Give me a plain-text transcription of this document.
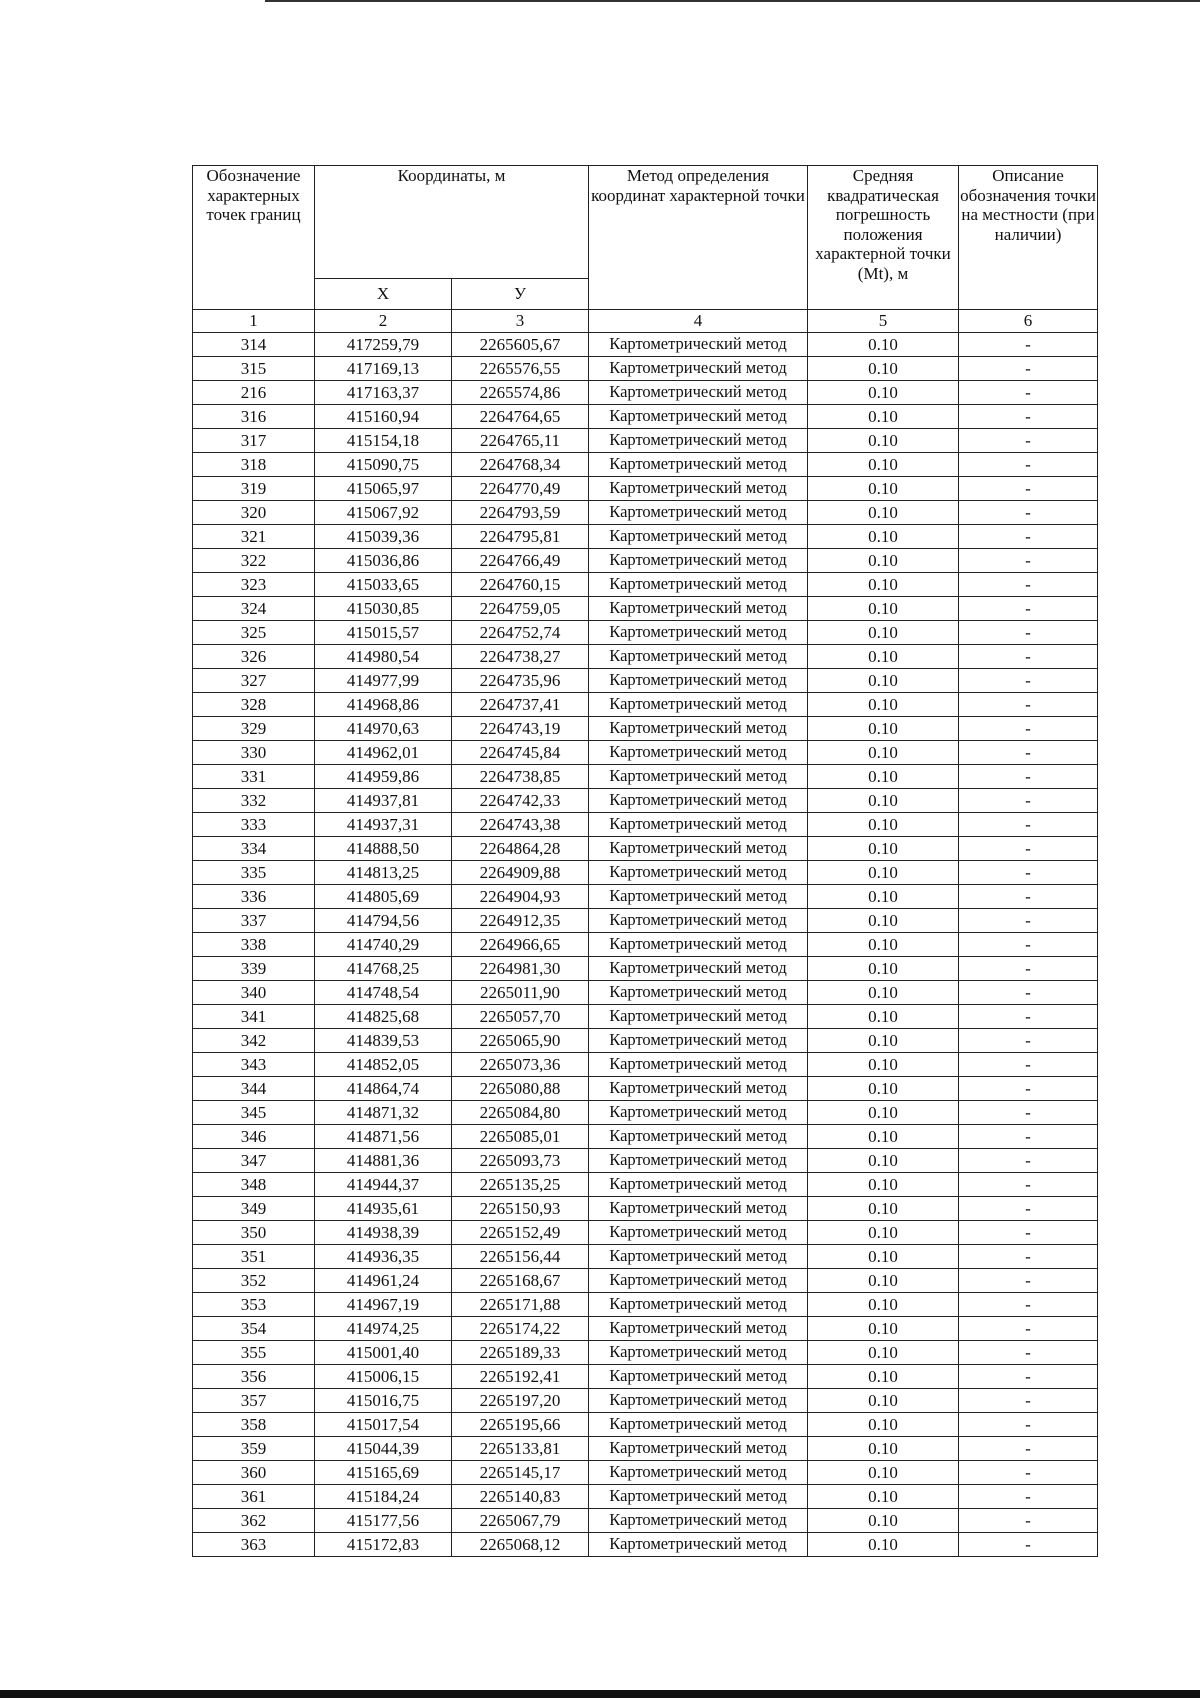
Обозначение характерных точек границ	Координаты, м		Метод определения координат характерной точки	Средняя квадратическая погрешность положения характерной точки (Мt), м	Описание обозначения точки на местности (при наличии)
	X	У			
1	2	3	4	5	6
314	417259,79	2265605,67	Картометрический метод	0.10	-
315	417169,13	2265576,55	Картометрический метод	0.10	-
216	417163,37	2265574,86	Картометрический метод	0.10	-
316	415160,94	2264764,65	Картометрический метод	0.10	-
317	415154,18	2264765,11	Картометрический метод	0.10	-
318	415090,75	2264768,34	Картометрический метод	0.10	-
319	415065,97	2264770,49	Картометрический метод	0.10	-
320	415067,92	2264793,59	Картометрический метод	0.10	-
321	415039,36	2264795,81	Картометрический метод	0.10	-
322	415036,86	2264766,49	Картометрический метод	0.10	-
323	415033,65	2264760,15	Картометрический метод	0.10	-
324	415030,85	2264759,05	Картометрический метод	0.10	-
325	415015,57	2264752,74	Картометрический метод	0.10	-
326	414980,54	2264738,27	Картометрический метод	0.10	-
327	414977,99	2264735,96	Картометрический метод	0.10	-
328	414968,86	2264737,41	Картометрический метод	0.10	-
329	414970,63	2264743,19	Картометрический метод	0.10	-
330	414962,01	2264745,84	Картометрический метод	0.10	-
331	414959,86	2264738,85	Картометрический метод	0.10	-
332	414937,81	2264742,33	Картометрический метод	0.10	-
333	414937,31	2264743,38	Картометрический метод	0.10	-
334	414888,50	2264864,28	Картометрический метод	0.10	-
335	414813,25	2264909,88	Картометрический метод	0.10	-
336	414805,69	2264904,93	Картометрический метод	0.10	-
337	414794,56	2264912,35	Картометрический метод	0.10	-
338	414740,29	2264966,65	Картометрический метод	0.10	-
339	414768,25	2264981,30	Картометрический метод	0.10	-
340	414748,54	2265011,90	Картометрический метод	0.10	-
341	414825,68	2265057,70	Картометрический метод	0.10	-
342	414839,53	2265065,90	Картометрический метод	0.10	-
343	414852,05	2265073,36	Картометрический метод	0.10	-
344	414864,74	2265080,88	Картометрический метод	0.10	-
345	414871,32	2265084,80	Картометрический метод	0.10	-
346	414871,56	2265085,01	Картометрический метод	0.10	-
347	414881,36	2265093,73	Картометрический метод	0.10	-
348	414944,37	2265135,25	Картометрический метод	0.10	-
349	414935,61	2265150,93	Картометрический метод	0.10	-
350	414938,39	2265152,49	Картометрический метод	0.10	-
351	414936,35	2265156,44	Картометрический метод	0.10	-
352	414961,24	2265168,67	Картометрический метод	0.10	-
353	414967,19	2265171,88	Картометрический метод	0.10	-
354	414974,25	2265174,22	Картометрический метод	0.10	-
355	415001,40	2265189,33	Картометрический метод	0.10	-
356	415006,15	2265192,41	Картометрический метод	0.10	-
357	415016,75	2265197,20	Картометрический метод	0.10	-
358	415017,54	2265195,66	Картометрический метод	0.10	-
359	415044,39	2265133,81	Картометрический метод	0.10	-
360	415165,69	2265145,17	Картометрический метод	0.10	-
361	415184,24	2265140,83	Картометрический метод	0.10	-
362	415177,56	2265067,79	Картометрический метод	0.10	-
363	415172,83	2265068,12	Картометрический метод	0.10	-
